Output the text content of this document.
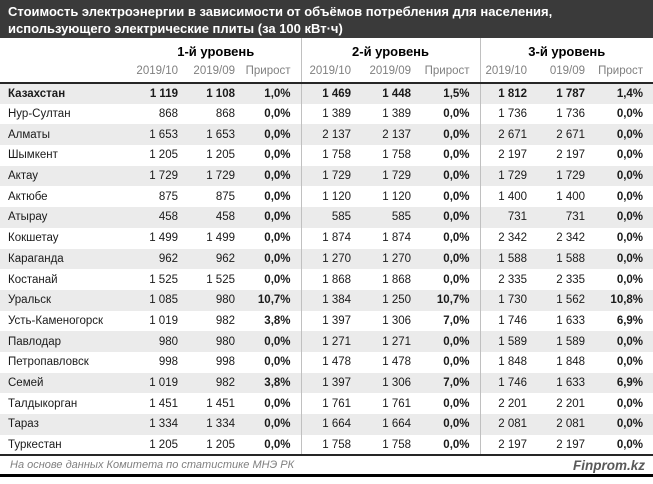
Стоимость электроэнергии в зависимости от объёмов потребления для населения,
использующего электрические плиты (за 100 кВт·ч)
	1-й уровень			2-й уровень			3-й уровень		
	2019/10	2019/09	Прирост	2019/10	2019/09	Прирост	2019/10	019/09	Прирост
Казахстан	1 119	1 108	1,0%	1 469	1 448	1,5%	1 812	1 787	1,4%
Нур-Султан	868	868	0,0%	1 389	1 389	0,0%	1 736	1 736	0,0%
Алматы	1 653	1 653	0,0%	2 137	2 137	0,0%	2 671	2 671	0,0%
Шымкент	1 205	1 205	0,0%	1 758	1 758	0,0%	2 197	2 197	0,0%
Актау	1 729	1 729	0,0%	1 729	1 729	0,0%	1 729	1 729	0,0%
Актюбе	875	875	0,0%	1 120	1 120	0,0%	1 400	1 400	0,0%
Атырау	458	458	0,0%	585	585	0,0%	731	731	0,0%
Кокшетау	1 499	1 499	0,0%	1 874	1 874	0,0%	2 342	2 342	0,0%
Караганда	962	962	0,0%	1 270	1 270	0,0%	1 588	1 588	0,0%
Костанай	1 525	1 525	0,0%	1 868	1 868	0,0%	2 335	2 335	0,0%
Уральск	1 085	980	10,7%	1 384	1 250	10,7%	1 730	1 562	10,8%
Усть-Каменогорск	1 019	982	3,8%	1 397	1 306	7,0%	1 746	1 633	6,9%
Павлодар	980	980	0,0%	1 271	1 271	0,0%	1 589	1 589	0,0%
Петропавловск	998	998	0,0%	1 478	1 478	0,0%	1 848	1 848	0,0%
Семей	1 019	982	3,8%	1 397	1 306	7,0%	1 746	1 633	6,9%
Талдыкорган	1 451	1 451	0,0%	1 761	1 761	0,0%	2 201	2 201	0,0%
Тараз	1 334	1 334	0,0%	1 664	1 664	0,0%	2 081	2 081	0,0%
Туркестан	1 205	1 205	0,0%	1 758	1 758	0,0%	2 197	2 197	0,0%
На основе данных Комитета по статистике МНЭ РК	Finprom.kz
